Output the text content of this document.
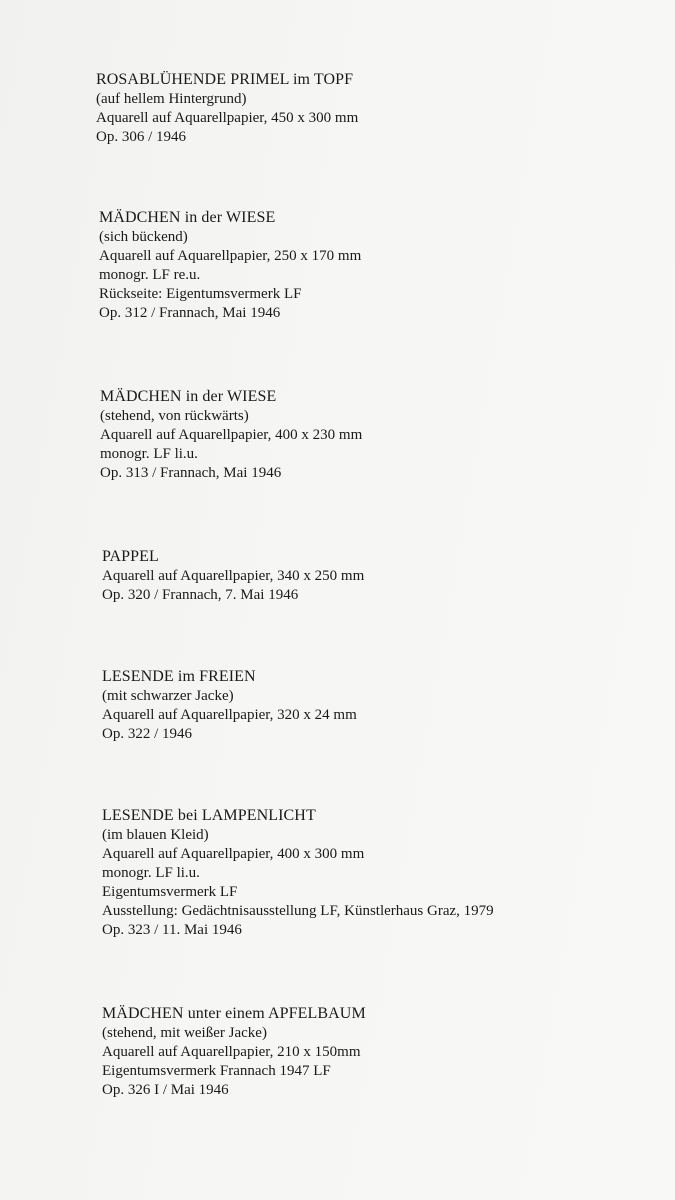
ROSABLÜHENDE PRIMEL im TOPF
(auf hellem Hintergrund)
Aquarell auf Aquarellpapier, 450 x 300 mm
Op. 306 / 1946
MÄDCHEN in der WIESE
(sich bückend)
Aquarell auf Aquarellpapier, 250 x 170 mm
monogr. LF re.u.
Rückseite: Eigentumsvermerk LF
Op. 312 / Frannach, Mai 1946
MÄDCHEN in der WIESE
(stehend, von rückwärts)
Aquarell auf Aquarellpapier, 400 x 230 mm
monogr. LF li.u.
Op. 313 / Frannach, Mai 1946
PAPPEL
Aquarell auf Aquarellpapier, 340 x 250 mm
Op. 320 / Frannach, 7. Mai 1946
LESENDE im FREIEN
(mit schwarzer Jacke)
Aquarell auf Aquarellpapier, 320 x 24 mm
Op. 322 / 1946
LESENDE bei LAMPENLICHT
(im blauen Kleid)
Aquarell auf Aquarellpapier, 400 x 300 mm
monogr. LF li.u.
Eigentumsvermerk LF
Ausstellung: Gedächtnisausstellung LF, Künstlerhaus Graz, 1979
Op. 323 / 11. Mai 1946
MÄDCHEN unter einem APFELBAUM
(stehend, mit weißer Jacke)
Aquarell auf Aquarellpapier, 210 x 150mm
Eigentumsvermerk Frannach 1947 LF
Op. 326 I / Mai 1946
